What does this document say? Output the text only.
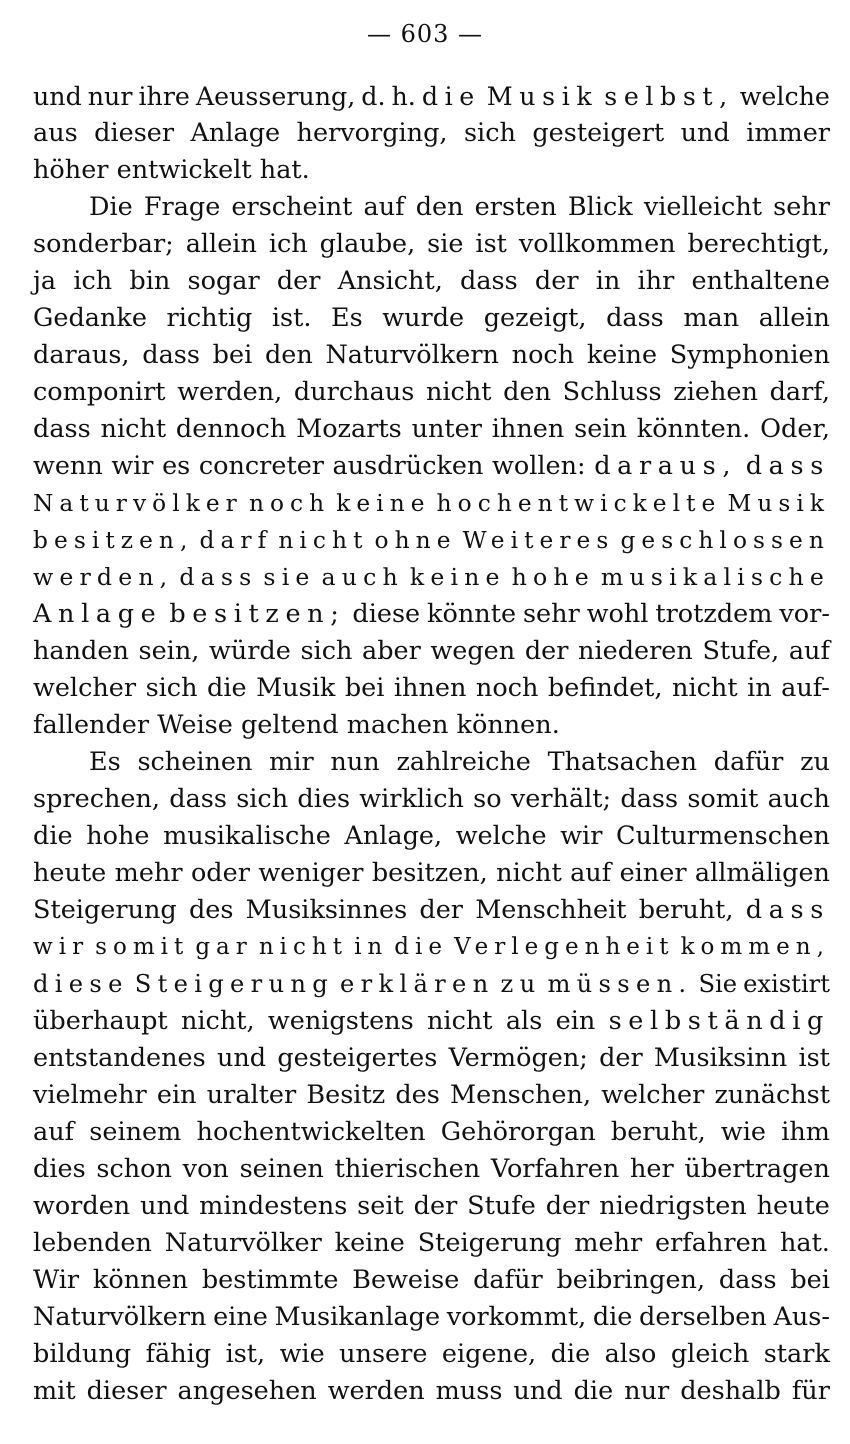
— 603 —
und nur ihre Aeusserung, d. h. die Musik selbst, welche
aus dieser Anlage hervorging, sich gesteigert und immer
höher entwickelt hat.
Die Frage erscheint auf den ersten Blick vielleicht sehr
sonderbar; allein ich glaube, sie ist vollkommen berechtigt,
ja ich bin sogar der Ansicht, dass der in ihr enthaltene
Gedanke richtig ist. Es wurde gezeigt, dass man allein
daraus, dass bei den Naturvölkern noch keine Symphonien
componirt werden, durchaus nicht den Schluss ziehen darf,
dass nicht dennoch Mozarts unter ihnen sein könnten. Oder,
wenn wir es concreter ausdrücken wollen: daraus, dass
Naturvölker noch keine hochentwickelte Musik
besitzen, darf nicht ohne Weiteres geschlossen
werden, dass sie auch keine hohe musikalische
Anlage besitzen; diese könnte sehr wohl trotzdem vor-
handen sein, würde sich aber wegen der niederen Stufe, auf
welcher sich die Musik bei ihnen noch befindet, nicht in auf-
fallender Weise geltend machen können.
Es scheinen mir nun zahlreiche Thatsachen dafür zu
sprechen, dass sich dies wirklich so verhält; dass somit auch
die hohe musikalische Anlage, welche wir Culturmenschen
heute mehr oder weniger besitzen, nicht auf einer allmäligen
Steigerung des Musiksinnes der Menschheit beruht, dass
wir somit gar nicht in die Verlegenheit kommen,
diese Steigerung erklären zu müssen. Sie existirt
überhaupt nicht, wenigstens nicht als ein selbständig
entstandenes und gesteigertes Vermögen; der Musiksinn ist
vielmehr ein uralter Besitz des Menschen, welcher zunächst
auf seinem hochentwickelten Gehörorgan beruht, wie ihm
dies schon von seinen thierischen Vorfahren her übertragen
worden und mindestens seit der Stufe der niedrigsten heute
lebenden Naturvölker keine Steigerung mehr erfahren hat.
Wir können bestimmte Beweise dafür beibringen, dass bei
Naturvölkern eine Musikanlage vorkommt, die derselben Aus-
bildung fähig ist, wie unsere eigene, die also gleich stark
mit dieser angesehen werden muss und die nur deshalb für
